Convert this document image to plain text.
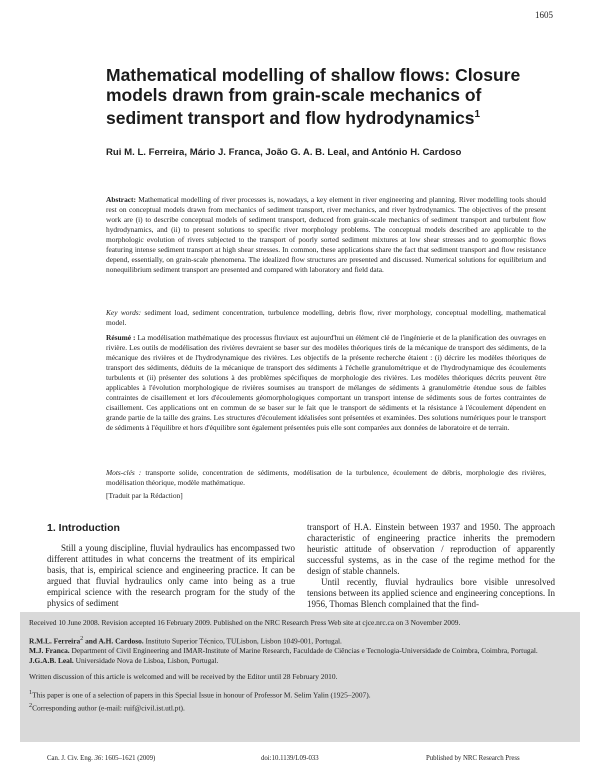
1605
Mathematical modelling of shallow flows: Closure models drawn from grain-scale mechanics of sediment transport and flow hydrodynamics$^1$
Rui M. L. Ferreira, Mário J. Franca, João G. A. B. Leal, and António H. Cardoso
Abstract: Mathematical modelling of river processes is, nowadays, a key element in river engineering and planning. River modelling tools should rest on conceptual models drawn from mechanics of sediment transport, river mechanics, and river hydrodynamics. The objectives of the present work are (i) to describe conceptual models of sediment transport, deduced from grain-scale mechanics of sediment transport and turbulent flow hydrodynamics, and (ii) to present solutions to specific river morphology problems. The conceptual models described are applicable to the morphologic evolution of rivers subjected to the transport of poorly sorted sediment mixtures at low shear stresses and to geomorphic flows featuring intense sediment transport at high shear stresses. In common, these applications share the fact that sediment transport and flow resistance depend, essentially, on grain-scale phenomena. The idealized flow structures are presented and discussed. Numerical solutions for equilibrium and nonequilibrium sediment transport are presented and compared with laboratory and field data.
Key words: sediment load, sediment concentration, turbulence modelling, debris flow, river morphology, conceptual modelling, mathematical model.
Résumé : La modélisation mathématique des processus fluviaux est aujourd'hui un élément clé de l'ingénierie et de la planification des ouvrages en rivière. Les outils de modélisation des rivières devraient se baser sur des modèles théoriques tirés de la mécanique de transport des sédiments, de la mécanique des rivières et de l'hydrodynamique des rivières. Les objectifs de la présente recherche étaient : (i) décrire les modèles théoriques de transport des sédiments, déduits de la mécanique de transport des sédiments à l'échelle granulométrique et de l'hydrodynamique des écoulements turbulents et (ii) présenter des solutions à des problèmes spécifiques de morphologie des rivières. Les modèles théoriques décrits peuvent être applicables à l'évolution morphologique de rivières soumises au transport de mélanges de sédiments à granulométrie étendue sous de faibles contraintes de cisaillement et lors d'écoulements géomorphologiques comportant un transport intense de sédiments sous de fortes contraintes de cisaillement. Ces applications ont en commun de se baser sur le fait que le transport de sédiments et la résistance à l'écoulement dépendent en grande partie de la taille des grains. Les structures d'écoulement idéalisées sont présentées et examinées. Des solutions numériques pour le transport de sédiments à l'équilibre et hors d'équilibre sont également présentées puis elle sont comparées aux données de laboratoire et de terrain.
Mots-clés : transporte solide, concentration de sédiments, modélisation de la turbulence, écoulement de débris, morphologie des rivières, modélisation théorique, modèle mathématique.
[Traduit par la Rédaction]
1. Introduction
Still a young discipline, fluvial hydraulics has encompassed two different attitudes in what concerns the treatment of its empirical basis, that is, empirical science and engineering practice. It can be argued that fluvial hydraulics only came into being as a true empirical science with the research program for the study of the physics of sediment

transport of H.A. Einstein between 1937 and 1950. The approach characteristic of engineering practice inherits the premodern heuristic attitude of observation / reproduction of apparently successful systems, as in the case of the regime method for the design of stable channels.

Until recently, fluvial hydraulics bore visible unresolved tensions between its applied science and engineering conceptions. In 1956, Thomas Blench complained that the find-

Received 10 June 2008. Revision accepted 16 February 2009. Published on the NRC Research Press Web site at cjce.nrc.ca on 3 November 2009.

R.M.L. Ferreira$^2$ and A.H. Cardoso. Instituto Superior Técnico, TULisbon, Lisbon 1049-001, Portugal.

M.J. Franca. Department of Civil Engineering and IMAR-Institute of Marine Research, Faculdade de Ciências e Tecnologia-Universidade de Coimbra, Coimbra, Portugal.

J.G.A.B. Leal. Universidade Nova de Lisboa, Lisbon, Portugal.

Written discussion of this article is welcomed and will be received by the Editor until 28 February 2010.

$^1$This paper is one of a selection of papers in this Special Issue in honour of Professor M. Selim Yalin (1925–2007).

$^2$Corresponding author (e-mail: ruif@civil.ist.utl.pt).

Can. J. Civ. Eng. 36: 1605–1621 (2009)	doi:10.1139/L09-033	Published by NRC Research Press
